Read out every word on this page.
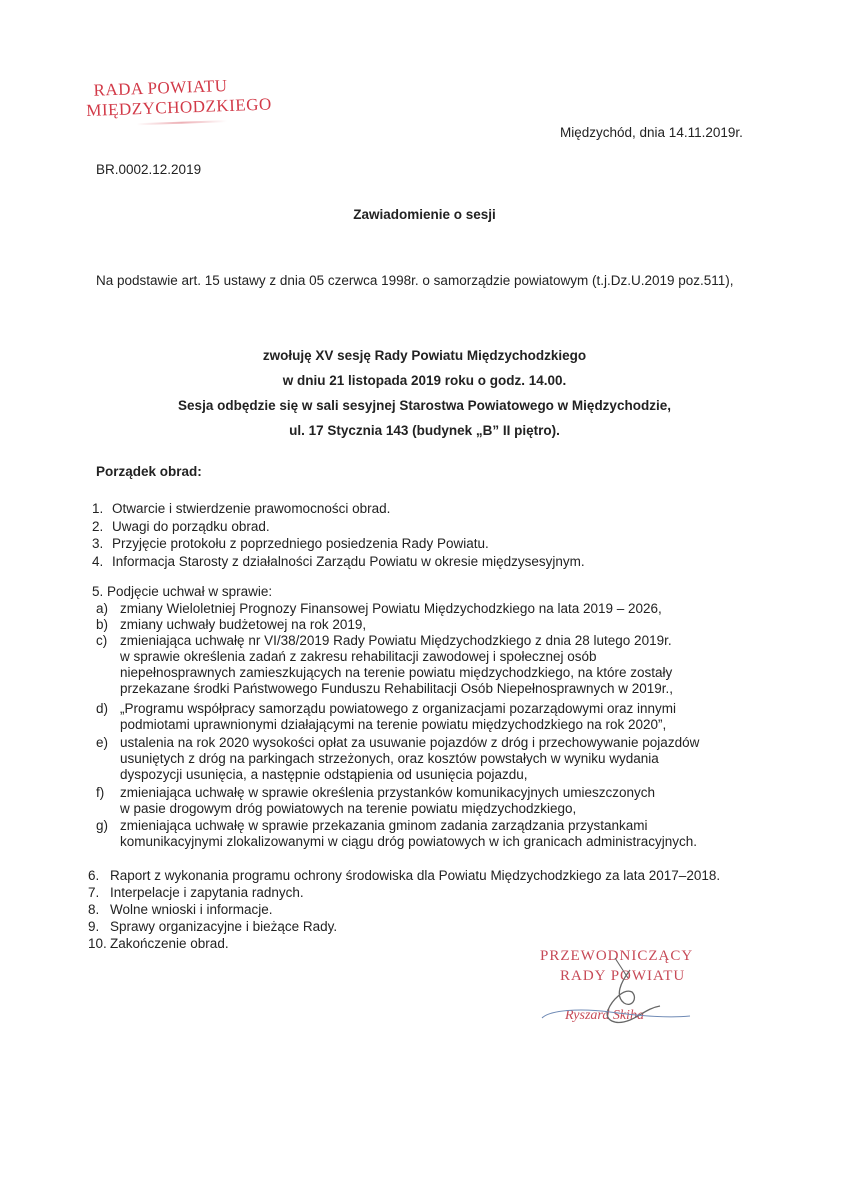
RADA POWIATU
MIĘDZYCHODZKIEGO
Międzychód, dnia 14.11.2019r.
BR.0002.12.2019
Zawiadomienie o sesji
Na podstawie art. 15 ustawy z dnia 05 czerwca 1998r. o samorządzie powiatowym (t.j.Dz.U.2019 poz.511),
zwołuję XV sesję Rady Powiatu Międzychodzkiego
w dniu 21 listopada 2019 roku o godz. 14.00.
Sesja odbędzie się w sali sesyjnej Starostwa Powiatowego w Międzychodzie,
ul. 17 Stycznia 143 (budynek „B” II piętro).
Porządek obrad:
1. Otwarcie i stwierdzenie prawomocności obrad.
2. Uwagi do porządku obrad.
3. Przyjęcie protokołu z poprzedniego posiedzenia Rady Powiatu.
4. Informacja Starosty z działalności Zarządu Powiatu w okresie międzysesyjnym.
5. Podjęcie uchwał w sprawie:
a) zmiany Wieloletniej Prognozy Finansowej Powiatu Międzychodzkiego na lata 2019 – 2026,
b) zmiany uchwały budżetowej na rok 2019,
c) zmieniająca uchwałę nr VI/38/2019 Rady Powiatu Międzychodzkiego z dnia 28 lutego 2019r.
w sprawie określenia zadań z zakresu rehabilitacji zawodowej i społecznej osób
niepełnosprawnych zamieszkujących na terenie powiatu międzychodzkiego, na które zostały
przekazane środki Państwowego Funduszu Rehabilitacji Osób Niepełnosprawnych w 2019r.,
d) „Programu współpracy samorządu powiatowego z organizacjami pozarządowymi oraz innymi
podmiotami uprawnionymi działającymi na terenie powiatu międzychodzkiego na rok 2020”,
e) ustalenia na rok 2020 wysokości opłat za usuwanie pojazdów z dróg i przechowywanie pojazdów
usuniętych z dróg na parkingach strzeżonych, oraz kosztów powstałych w wyniku wydania
dyspozycji usunięcia, a następnie odstąpienia od usunięcia pojazdu,
f)	zmieniająca uchwałę w sprawie określenia przystanków komunikacyjnych umieszczonych
w pasie drogowym dróg powiatowych na terenie powiatu międzychodzkiego,
g) zmieniająca uchwałę w sprawie przekazania gminom zadania zarządzania przystankami
komunikacyjnymi zlokalizowanymi w ciągu dróg powiatowych w ich granicach administracyjnych.
6. Raport z wykonania programu ochrony środowiska dla Powiatu Międzychodzkiego za lata 2017–2018.
7. Interpelacje i zapytania radnych.
8. Wolne wnioski i informacje.
9. Sprawy organizacyjne i bieżące Rady.
10. Zakończenie obrad.
PRZEWODNICZĄCY
RADY POWIATU
Ryszard Skiba
